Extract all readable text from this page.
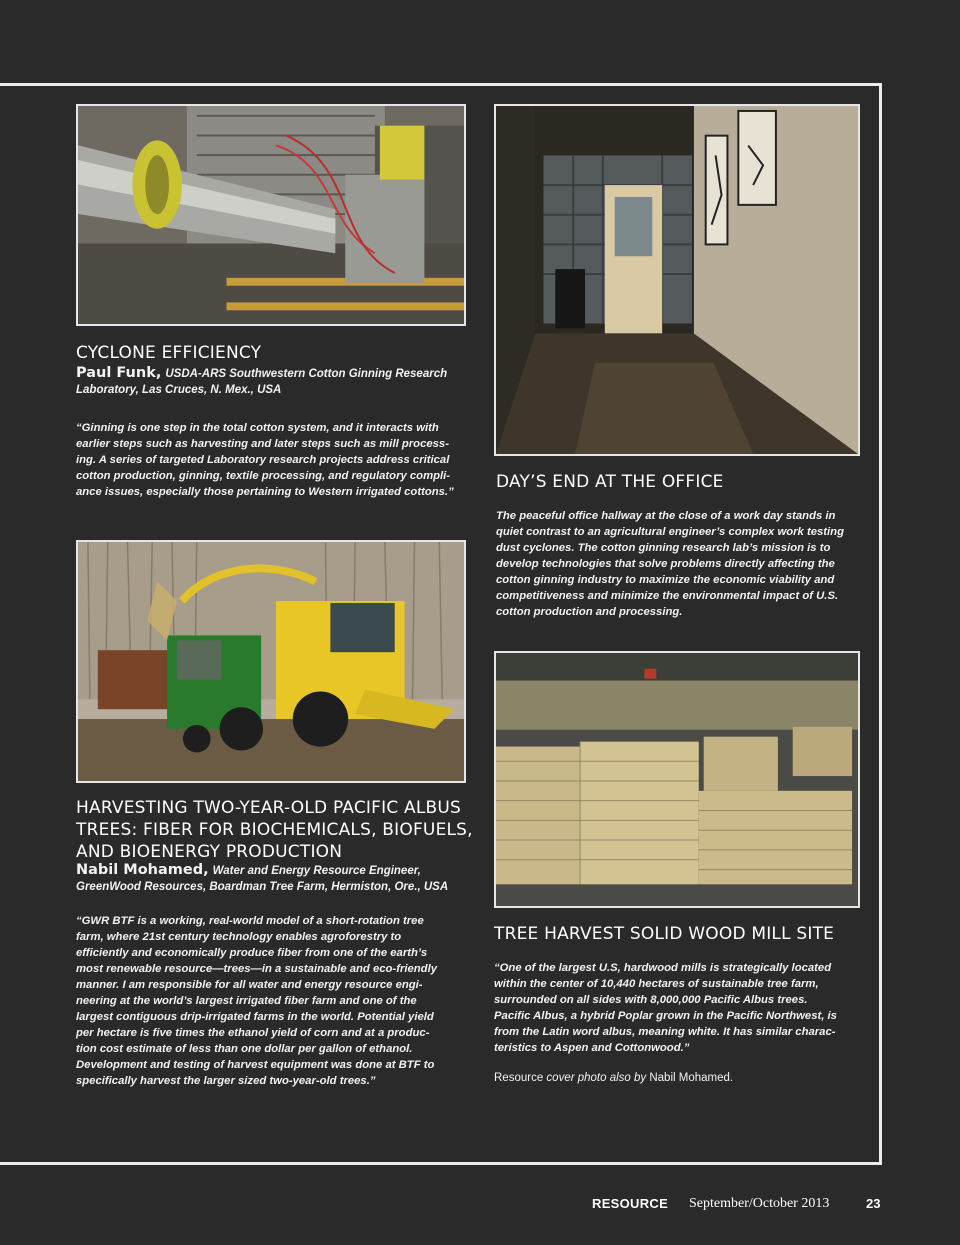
CYCLONE EFFICIENCY
Paul Funk, USDA-ARS Southwestern Cotton Ginning Research
Laboratory, Las Cruces, N. Mex., USA
“Ginning is one step in the total cotton system, and it interacts with
earlier steps such as harvesting and later steps such as mill process-
ing. A series of targeted Laboratory research projects address critical
cotton production, ginning, textile processing, and regulatory compli-
ance issues, especially those pertaining to Western irrigated cottons.”	DAY’S END AT THE OFFICE
The peaceful office hallway at the close of a work day stands in
quiet contrast to an agricultural engineer’s complex work testing
dust cyclones. The cotton ginning research lab’s mission is to
develop technologies that solve problems directly affecting the
cotton ginning industry to maximize the economic viability and
competitiveness and minimize the environmental impact of U.S.
cotton production and processing.
HARVESTING TWO-YEAR-OLD PACIFIC ALBUS
TREES: FIBER FOR BIOCHEMICALS, BIOFUELS,
AND BIOENERGY PRODUCTION
Nabil Mohamed, Water and Energy Resource Engineer,
GreenWood Resources, Boardman Tree Farm, Hermiston, Ore., USA
“GWR BTF is a working, real-world model of a short-rotation tree
farm, where 21st century technology enables agroforestry to
efficiently and economically produce fiber from one of the earth’s
most renewable resource—trees—in a sustainable and eco-friendly
manner. I am responsible for all water and energy resource engi-
neering at the world’s largest irrigated fiber farm and one of the
largest contiguous drip-irrigated farms in the world. Potential yield
per hectare is five times the ethanol yield of corn and at a produc-
tion cost estimate of less than one dollar per gallon of ethanol.
Development and testing of harvest equipment was done at BTF to
specifically harvest the larger sized two-year-old trees.”
TREE HARVEST SOLID WOOD MILL SITE
“One of the largest U.S, hardwood mills is strategically located
within the center of 10,440 hectares of sustainable tree farm,
surrounded on all sides with 8,000,000 Pacific Albus trees.
Pacific Albus, a hybrid Poplar grown in the Pacific Northwest, is
from the Latin word albus, meaning white. It has similar charac-
teristics to Aspen and Cottonwood.”
Resource cover photo also by Nabil Mohamed.
RESOURCE September/October 2013	23
